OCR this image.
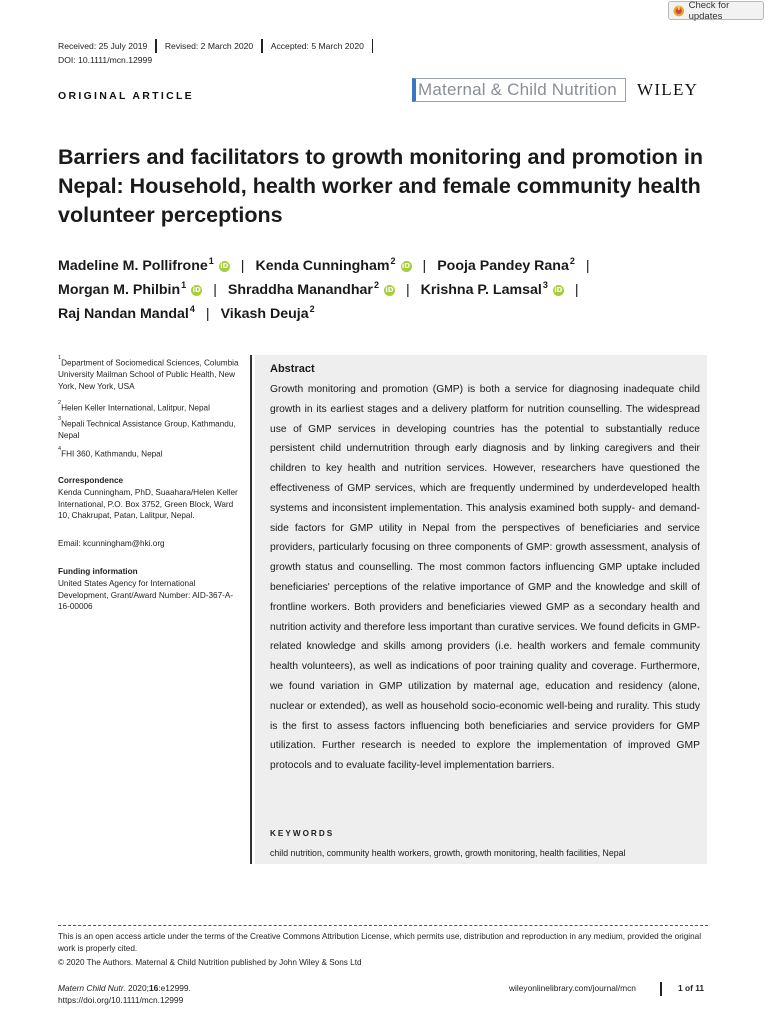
Check for updates
Received: 25 July 2019 Revised: 2 March 2020 Accepted: 5 March 2020
DOI: 10.1111/mcn.12999
ORIGINAL ARTICLE	Maternal & Child Nutrition WILEY
Barriers and facilitators to growth monitoring and promotion in Nepal: Household, health worker and female community health volunteer perceptions
Madeline M. Pollifrone$^1$ iD | Kenda Cunningham$^2$ iD | Pooja Pandey Rana$^2$ |
Morgan M. Philbin$^1$ iD | Shraddha Manandhar$^2$ iD | Krishna P. Lamsal$^3$ iD |
Raj Nandan Mandal$^4$ | Vikash Deuja$^2$
$^1$Department of Sociomedical Sciences, Columbia University Mailman School of Public Health, New York, New York, USA
$^2$Helen Keller International, Lalitpur, Nepal
$^3$Nepali Technical Assistance Group, Kathmandu, Nepal
$^4$FHI 360, Kathmandu, Nepal
Correspondence
Kenda Cunningham, PhD, Suaahara/Helen Keller International, P.O. Box 3752, Green Block, Ward 10, Chakrupat, Patan, Lalitpur, Nepal.
Email: kcunningham@hki.org
Funding information
United States Agency for International Development, Grant/Award Number: AID-367-A-16-00006
Abstract
Growth monitoring and promotion (GMP) is both a service for diagnosing inadequate child growth in its earliest stages and a delivery platform for nutrition counselling. The widespread use of GMP services in developing countries has the potential to substantially reduce persistent child undernutrition through early diagnosis and by linking caregivers and their children to key health and nutrition services. However, researchers have questioned the effectiveness of GMP services, which are frequently undermined by underdeveloped health systems and inconsistent implementation. This analysis examined both supply- and demand-side factors for GMP utility in Nepal from the perspectives of beneficiaries and service providers, particularly focusing on three components of GMP: growth assessment, analysis of growth status and counselling. The most common factors influencing GMP uptake included beneficiaries' perceptions of the relative importance of GMP and the knowledge and skill of frontline workers. Both providers and beneficiaries viewed GMP as a secondary health and nutrition activity and therefore less important than curative services. We found deficits in GMP-related knowledge and skills among providers (i.e. health workers and female community health volunteers), as well as indications of poor training quality and coverage. Furthermore, we found variation in GMP utilization by maternal age, education and residency (alone, nuclear or extended), as well as household socio-economic well-being and rurality. This study is the first to assess factors influencing both beneficiaries and service providers for GMP utilization. Further research is needed to explore the implementation of improved GMP protocols and to evaluate facility-level implementation barriers.
KEYWORDS
child nutrition, community health workers, growth, growth monitoring, health facilities, Nepal
This is an open access article under the terms of the Creative Commons Attribution License, which permits use, distribution and reproduction in any medium, provided the original work is properly cited.
© 2020 The Authors. Maternal & Child Nutrition published by John Wiley & Sons Ltd
Matern Child Nutr. 2020;16:e12999.
https://doi.org/10.1111/mcn.12999
wileyonlinelibrary.com/journal/mcn	1 of 11
